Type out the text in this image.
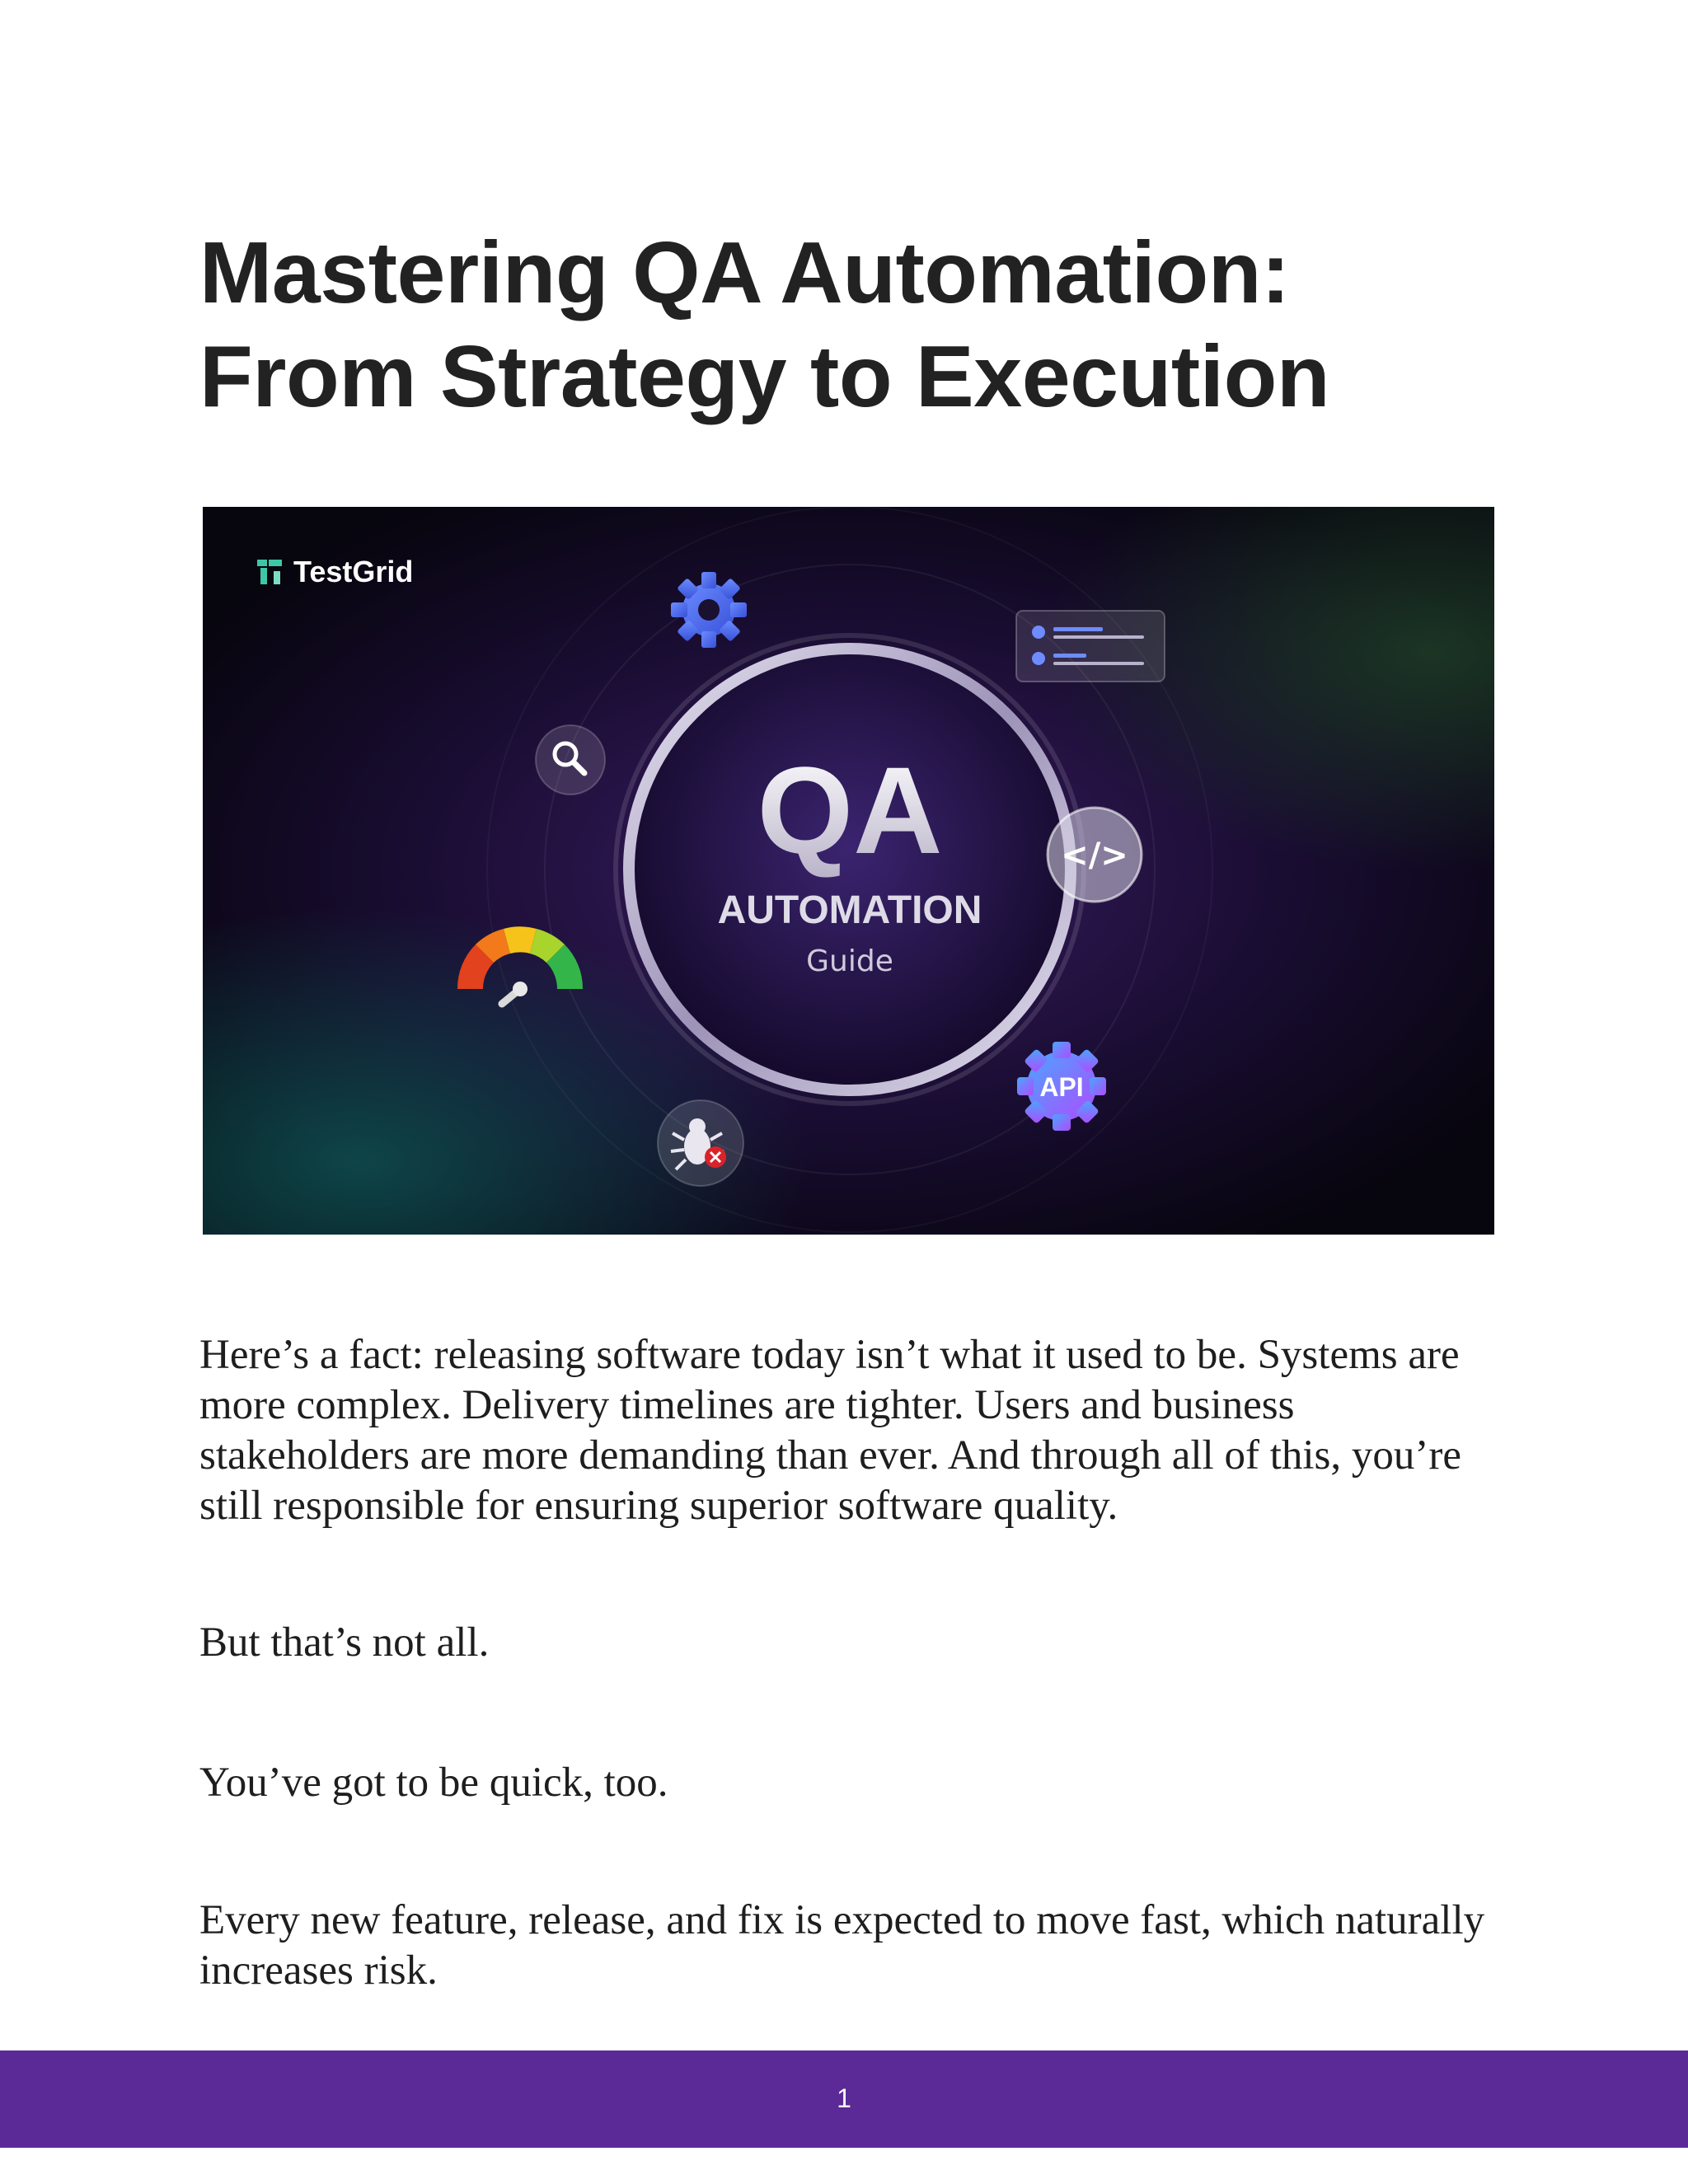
Mastering QA Automation:
From Strategy to Execution
TestGrid
QA
AUTOMATION
Guide
</>
API

Here’s a fact: releasing software today isn’t what it used to be. Systems are more complex. Delivery timelines are tighter. Users and business stakeholders are more demanding than ever. And through all of this, you’re still responsible for ensuring superior software quality.

But that’s not all.

You’ve got to be quick, too.

Every new feature, release, and fix is expected to move fast, which naturally increases risk.

1
